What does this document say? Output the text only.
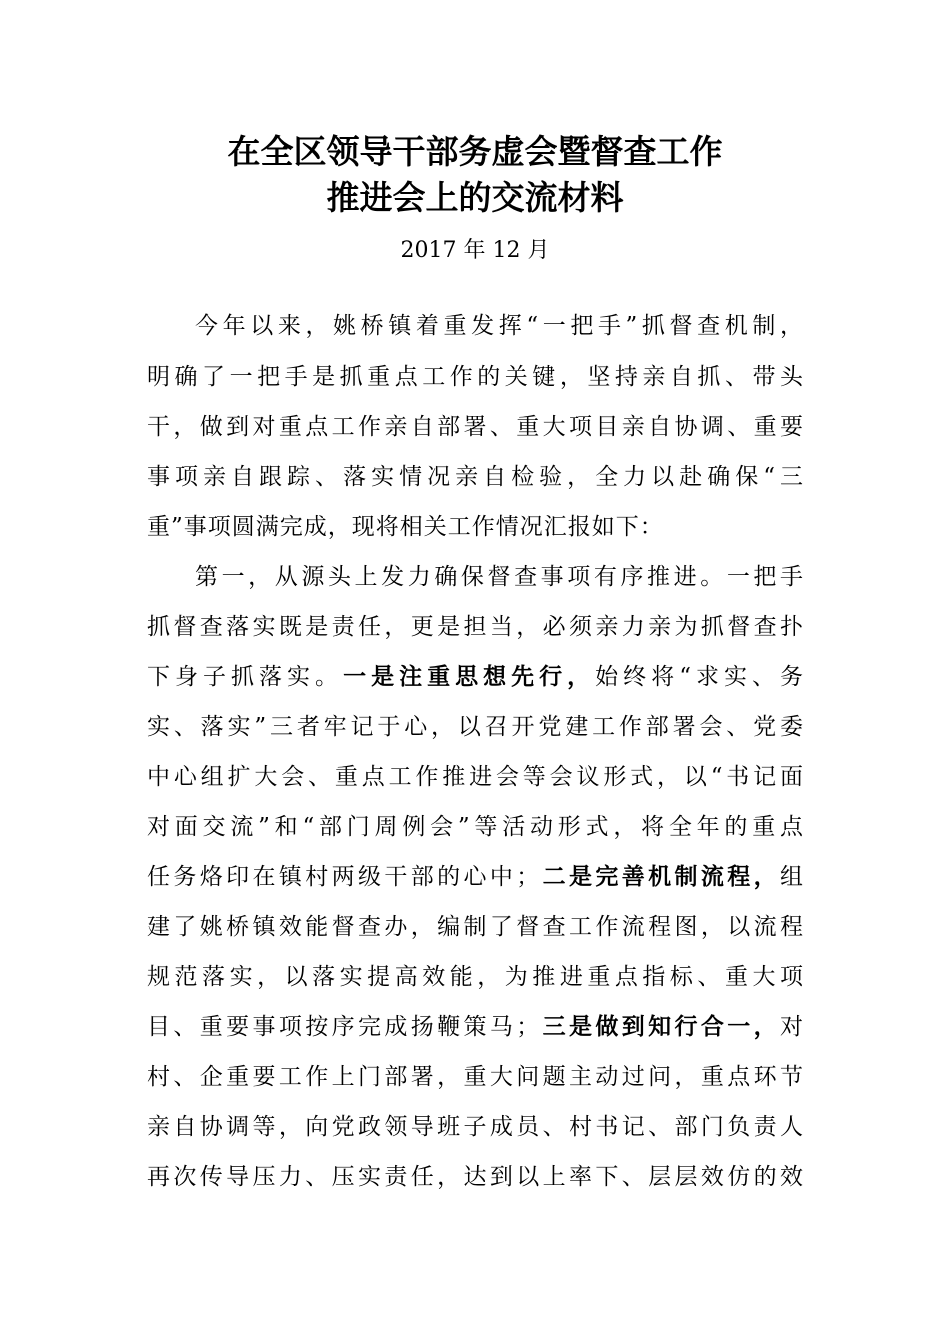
在全区领导干部务虚会暨督查工作
推进会上的交流材料
2017 年 12 月
今年以来，姚桥镇着重发挥“一把手”抓督查机制，
明确了一把手是抓重点工作的关键，坚持亲自抓、带头
干，做到对重点工作亲自部署、重大项目亲自协调、重要
事项亲自跟踪、落实情况亲自检验，全力以赴确保“三
重”事项圆满完成，现将相关工作情况汇报如下：
第一，从源头上发力确保督查事项有序推进。一把手
抓督查落实既是责任，更是担当，必须亲力亲为抓督查扑
下身子抓落实。一是注重思想先行，始终将“求实、务
实、落实”三者牢记于心，以召开党建工作部署会、党委
中心组扩大会、重点工作推进会等会议形式，以“书记面
对面交流”和“部门周例会”等活动形式，将全年的重点
任务烙印在镇村两级干部的心中；二是完善机制流程，组
建了姚桥镇效能督查办，编制了督查工作流程图，以流程
规范落实，以落实提高效能，为推进重点指标、重大项
目、重要事项按序完成扬鞭策马；三是做到知行合一，对
村、企重要工作上门部署，重大问题主动过问，重点环节
亲自协调等，向党政领导班子成员、村书记、部门负责人
再次传导压力、压实责任，达到以上率下、层层效仿的效
